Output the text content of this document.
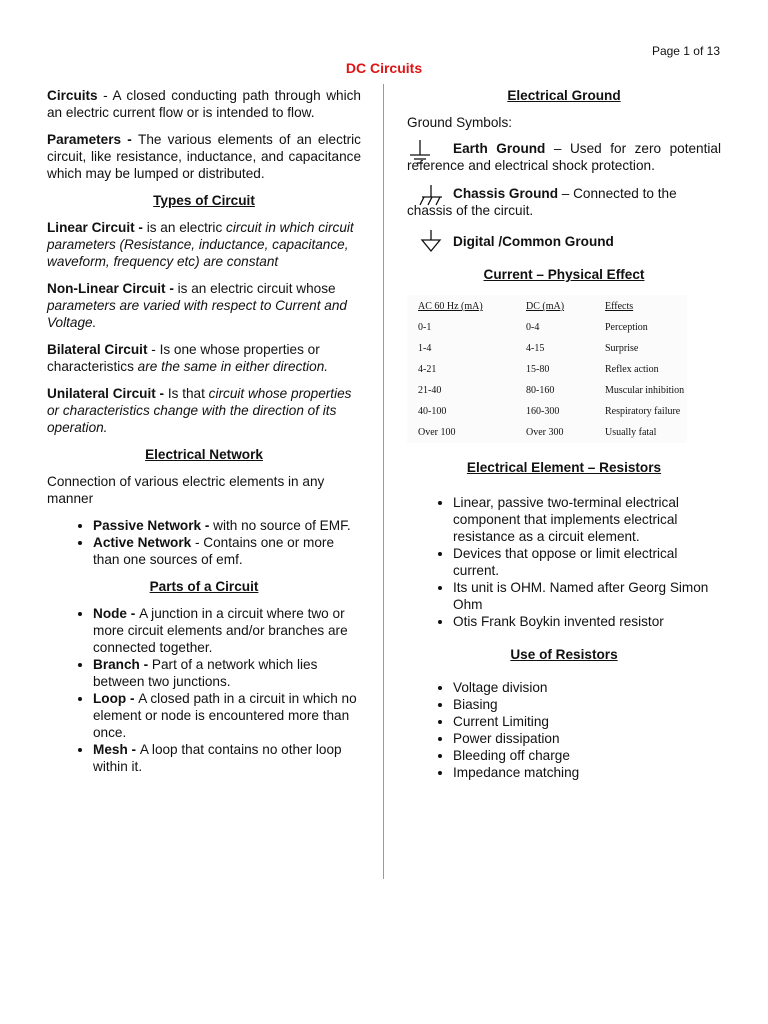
Page 1 of 13
DC Circuits

Circuits - A closed conducting path through which an electric current flow or is intended to flow.

Parameters - The various elements of an electric circuit, like resistance, inductance, and capacitance which may be lumped or distributed.

Types of Circuit

Linear Circuit - is an electric circuit in which circuit parameters (Resistance, inductance, capacitance, waveform, frequency etc) are constant

Non-Linear Circuit - is an electric circuit whose parameters are varied with respect to Current and Voltage.

Bilateral Circuit - Is one whose properties or characteristics are the same in either direction.

Unilateral Circuit - Is that circuit whose properties or characteristics change with the direction of its operation.

Electrical Network

Connection of various electric elements in any manner

• Passive Network - with no source of EMF.
• Active Network - Contains one or more than one sources of emf.

Parts of a Circuit

• Node - A junction in a circuit where two or more circuit elements and/or branches are connected together.
• Branch - Part of a network which lies between two junctions.
• Loop - A closed path in a circuit in which no element or node is encountered more than once.
• Mesh - A loop that contains no other loop within it.

Electrical Ground

Ground Symbols:

Earth Ground – Used for zero potential reference and electrical shock protection.

Chassis Ground – Connected to the chassis of the circuit.

Digital /Common Ground

Current – Physical Effect

AC 60 Hz (mA)	DC (mA)	Effects
0-1	0-4	Perception
1-4	4-15	Surprise
4-21	15-80	Reflex action
21-40	80-160	Muscular inhibition
40-100	160-300	Respiratory failure
Over 100	Over 300	Usually fatal

Electrical Element – Resistors

• Linear, passive two-terminal electrical component that implements electrical resistance as a circuit element.
• Devices that oppose or limit electrical current.
• Its unit is OHM. Named after Georg Simon Ohm
• Otis Frank Boykin invented resistor

Use of Resistors

• Voltage division
• Biasing
• Current Limiting
• Power dissipation
• Bleeding off charge
• Impedance matching
